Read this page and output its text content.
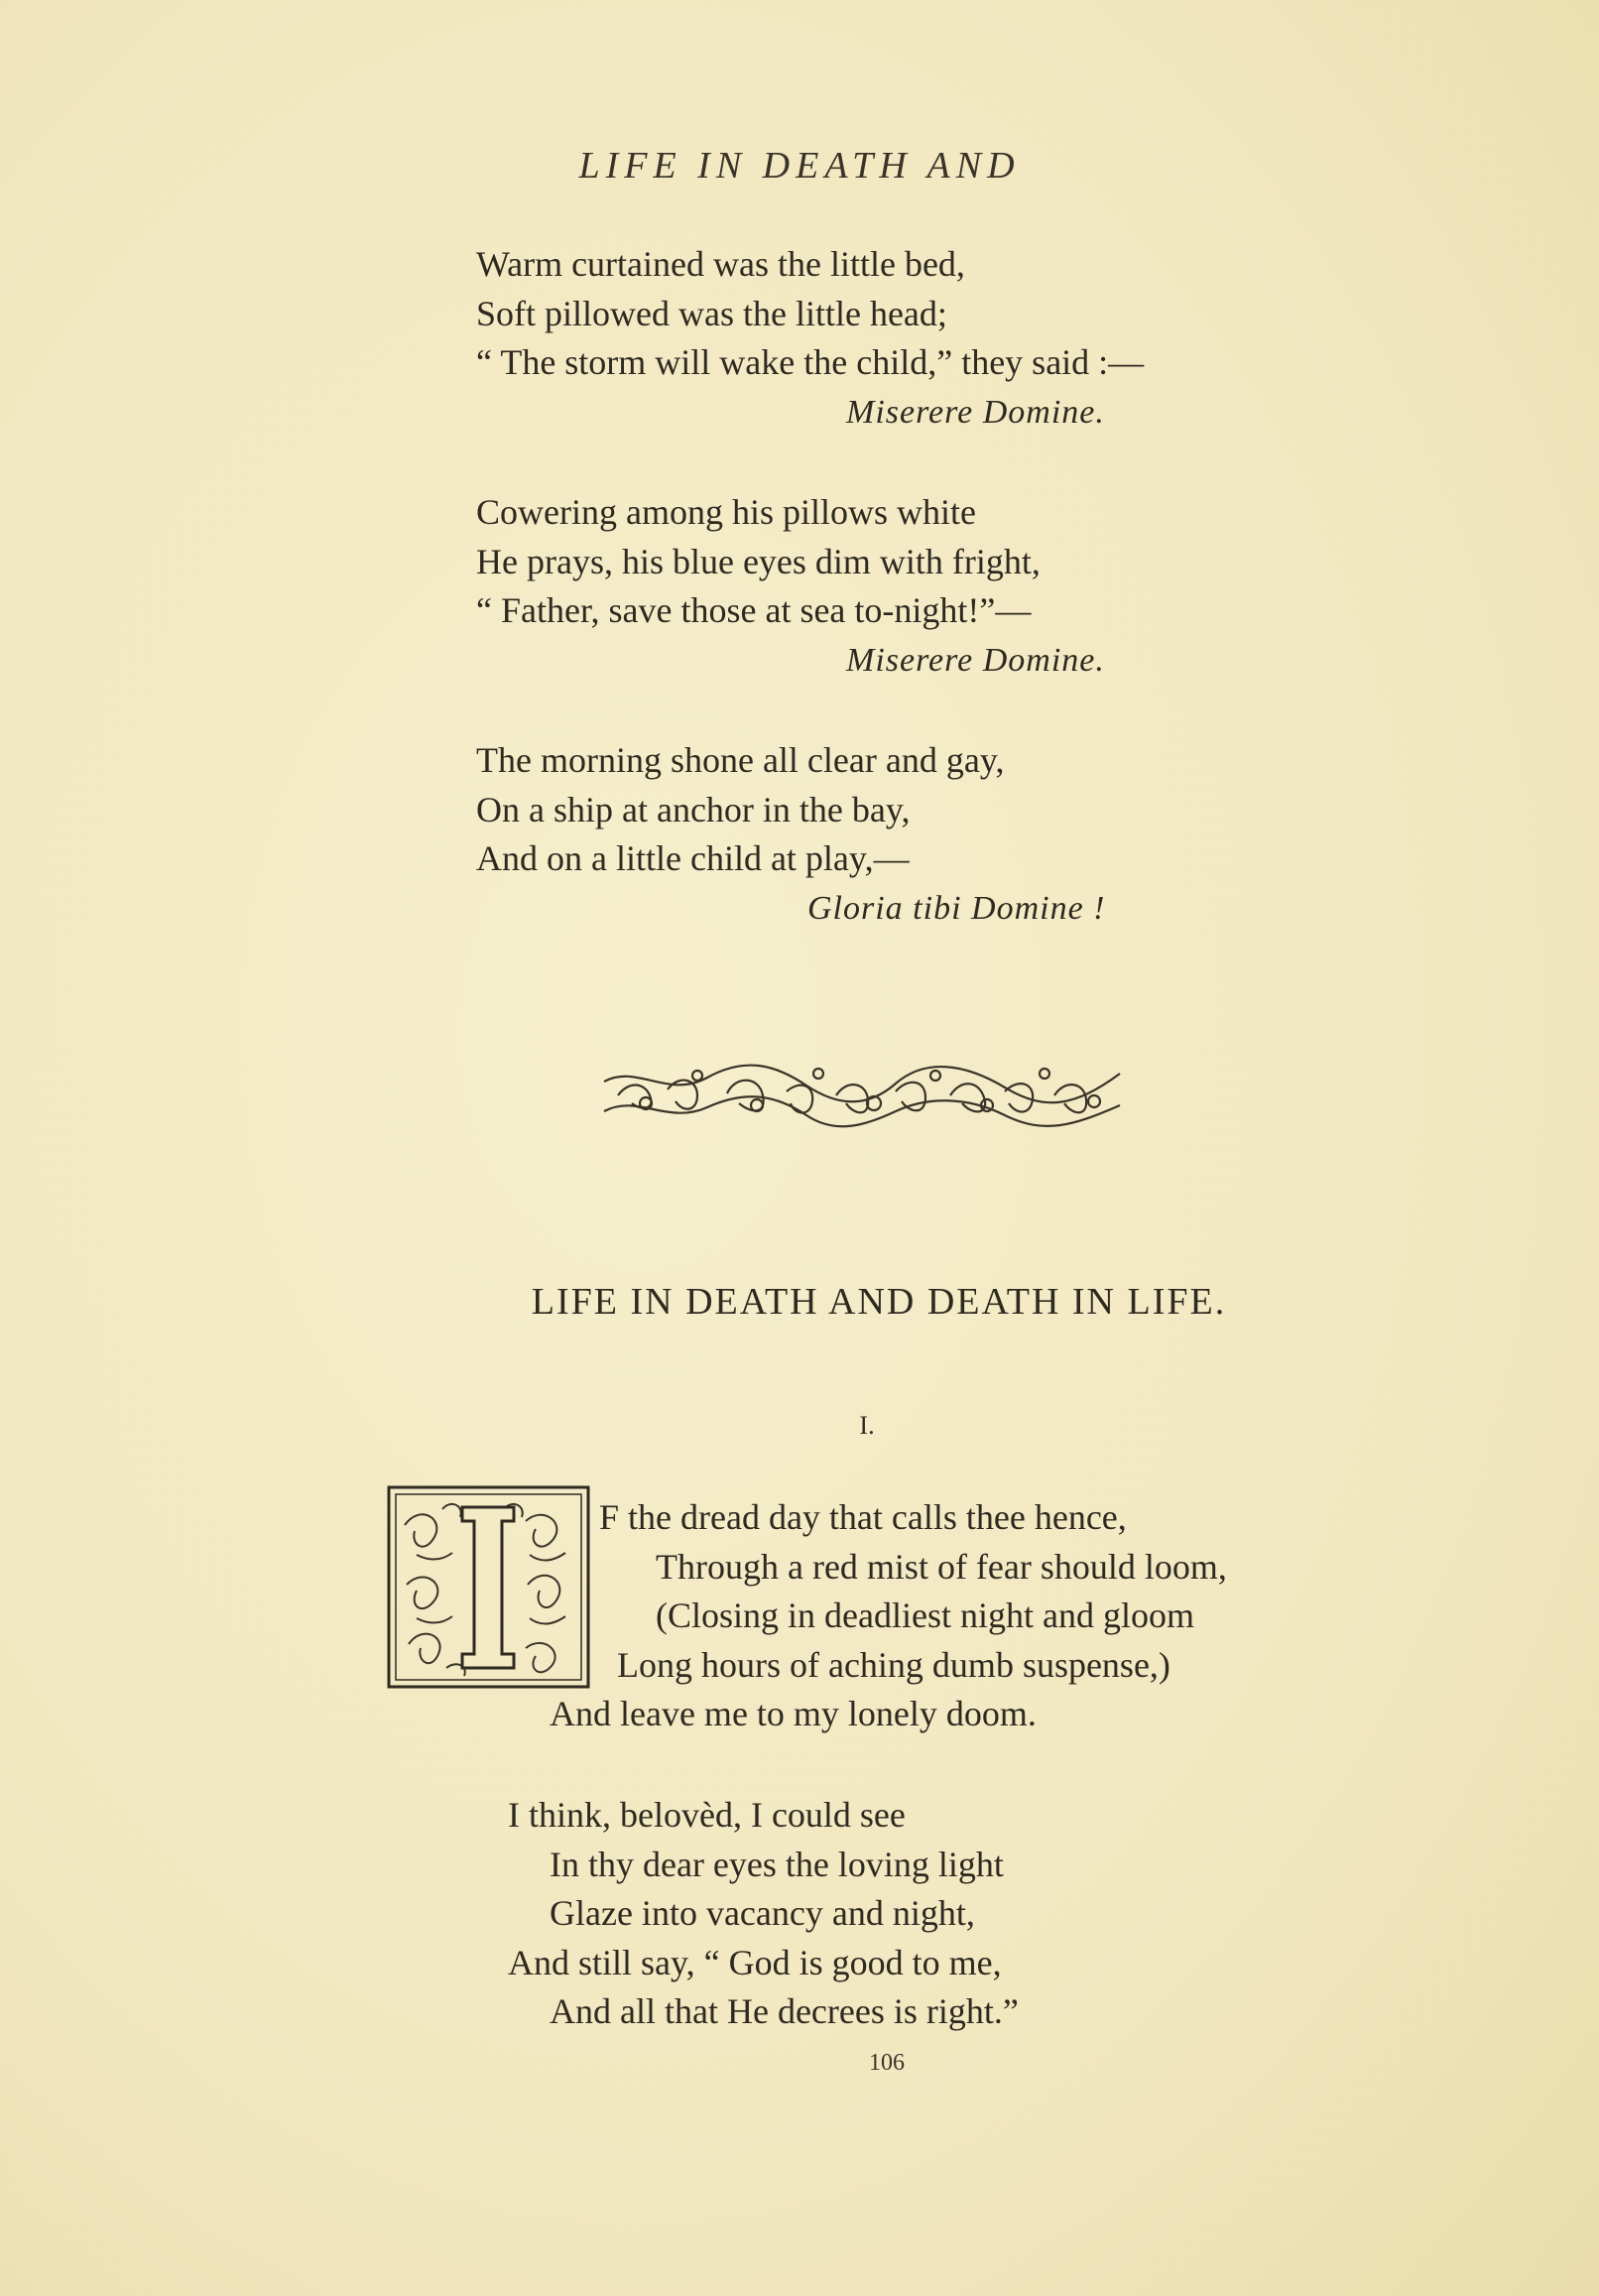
LIFE IN DEATH AND
Warm curtained was the little bed,
Soft pillowed was the little head;
“ The storm will wake the child,” they said :—
Miserere Domine.
Cowering among his pillows white
He prays, his blue eyes dim with fright,
“ Father, save those at sea to-night!”—
Miserere Domine.
The morning shone all clear and gay,
On a ship at anchor in the bay,
And on a little child at play,—
Gloria tibi Domine !
LIFE IN DEATH AND DEATH IN LIFE.
I.
I
F the dread day that calls thee hence,
Through a red mist of fear should loom,
(Closing in deadliest night and gloom
Long hours of aching dumb suspense,)
And leave me to my lonely doom.
I think, belovèd, I could see
In thy dear eyes the loving light
Glaze into vacancy and night,
And still say, “ God is good to me,
And all that He decrees is right.”
106
